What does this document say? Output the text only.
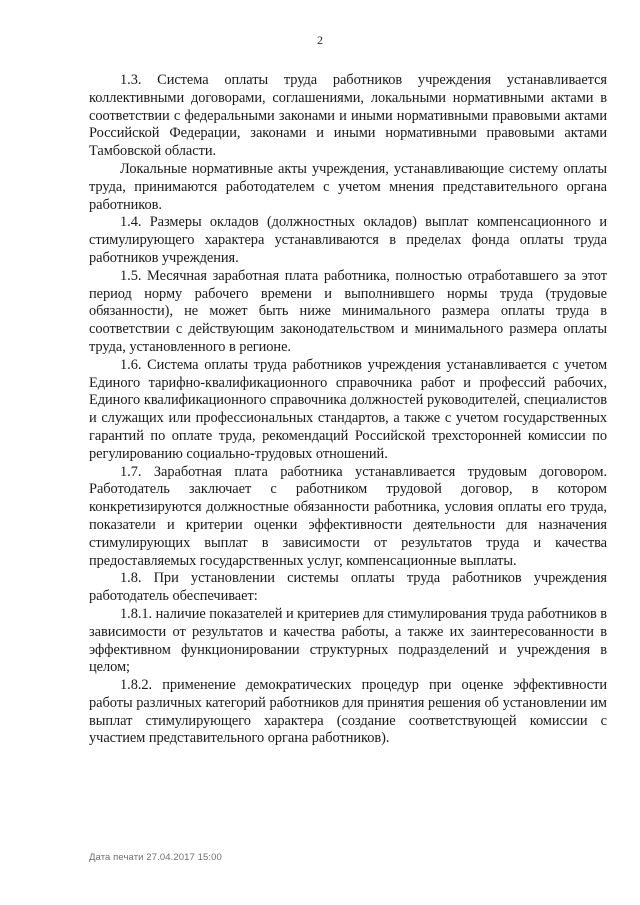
2

1.3. Система оплаты труда работников учреждения устанавливается коллективными договорами, соглашениями, локальными нормативными актами в соответствии с федеральными законами и иными нормативными правовыми актами Российской Федерации, законами и иными нормативными правовыми актами Тамбовской области.

Локальные нормативные акты учреждения, устанавливающие систему оплаты труда, принимаются работодателем с учетом мнения представительного органа работников.

1.4. Размеры окладов (должностных окладов) выплат компенсационного и стимулирующего характера устанавливаются в пределах фонда оплаты труда работников учреждения.

1.5. Месячная заработная плата работника, полностью отработавшего за этот период норму рабочего времени и выполнившего нормы труда (трудовые обязанности), не может быть ниже минимального размера оплаты труда в соответствии с действующим законодательством и минимального размера оплаты труда, установленного в регионе.

1.6. Система оплаты труда работников учреждения устанавливается с учетом Единого тарифно-квалификационного справочника работ и профессий рабочих, Единого квалификационного справочника должностей руководителей, специалистов и служащих или профессиональных стандартов, а также с учетом государственных гарантий по оплате труда, рекомендаций Российской трехсторонней комиссии по регулированию социально-трудовых отношений.

1.7. Заработная плата работника устанавливается трудовым договором. Работодатель заключает с работником трудовой договор, в котором конкретизируются должностные обязанности работника, условия оплаты его труда, показатели и критерии оценки эффективности деятельности для назначения стимулирующих выплат в зависимости от результатов труда и качества предоставляемых государственных услуг, компенсационные выплаты.

1.8. При установлении системы оплаты труда работников учреждения работодатель обеспечивает:

1.8.1. наличие показателей и критериев для стимулирования труда работников в зависимости от результатов и качества работы, а также их заинтересованности в эффективном функционировании структурных подразделений и учреждения в целом;

1.8.2. применение демократических процедур при оценке эффективности работы различных категорий работников для принятия решения об установлении им выплат стимулирующего характера (создание соответствующей комиссии с участием представительного органа работников).

Дата печати 27.04.2017 15:00
